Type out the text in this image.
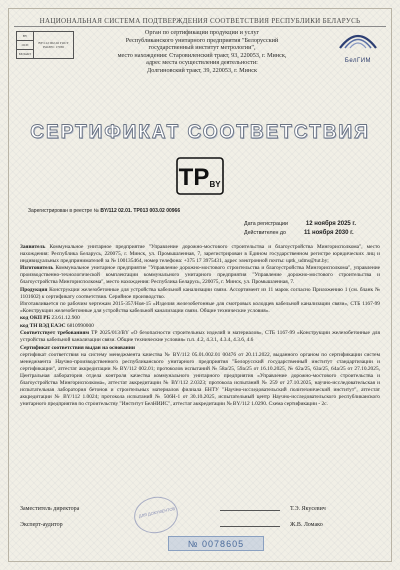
НАЦИОНАЛЬНАЯ СИСТЕМА ПОДТВЕРЖДЕНИЯ СООТВЕТСТВИЯ РЕСПУБЛИКИ БЕЛАРУСЬ
BY
ОСП
БЕЛАКТ
BY/112 002.02 ГОСТ ISO/IEC 17065
Орган по сертификации продукции и услуг
Республиканского унитарного предприятия "Белорусский
государственный институт метрологии",
место нахождения: Старовиленский тракт, 93, 220053, г. Минск,
адрес места осуществления деятельности:
Долгиновский тракт, 39, 220053, г. Минск
БелГИМ
СЕРТИФИКАТ СООТВЕТСТВИЯ
TP BY
Зарегистрирован в реестре № BY/112 02.01. ТР013 003.02 00966
Дата регистрации	12 ноября 2025 г.
Действителен до	11 ноября 2030 г.

Заявитель Коммунальное унитарное предприятие "Управление дорожно-мостового строительства и благоустройства Мингорисполкома", место нахождения: Республика Беларусь, 220075, г. Минск, ул. Промышленная, 7, зарегистрирован в Едином государственном регистре юридических лиц и индивидуальных предпринимателей за № 100135464, номер телефона: +375 17 3975431, адрес электронной почты: uptk_udms@tut.by;

Изготовитель Коммунальное унитарное предприятие "Управление дорожно-мостового строительства и благоустройства Мингорисполкома", управление производственно-технологической комплектации коммунального унитарного предприятия "Управление дорожно-мостового строительства и благоустройства Мингорисполкома", место нахождения: Республика Беларусь, 220075, г. Минск, ул. Промышленная, 7.

Продукция Конструкции железобетонные для устройства кабельной канализации связи. Ассортимент из 11 марок согласно Приложению 1 (см. бланк № 1101602) к сертификату соответствия. Серийное производство.

Изготавливается по рабочим чертежам 2015-357/Ноя-15 «Изделия железобетонные для смотровых колодцев кабельной канализации связи», СТБ 1167-99 «Конструкции железобетонные для устройства кабельной канализации связи. Общие технические условия».

код ОКП РБ 23.61.12.900

код ТН ВЭД ЕАЭС 6810990000

Соответствует требованиям ТР 2025/013/BY «О безопасности строительных изделий и материалов», СТБ 1167-99 «Конструкции железобетонные для устройства кабельной канализации связи. Общие технические условия» п.п. 4.2, 4.3.1, 4.3.4, 4.3.6, 4.6

Сертификат соответствия выдан на основании

сертификат соответствия на систему менеджмента качества № BY/112 05.01.002.01 00476 от 20.11.2022, выданного органом по сертификации систем менеджмента Научно-производственного республиканского унитарного предприятия "Белорусский государственный институт стандартизации и сертификации", аттестат аккредитации № BY/112 002.01; протоколов испытаний № 58а/25, 59а/25 от 16.10.2025, № 62а/25, 63а/25, 64а/25 от 27.10.2025, Центральная лаборатория отдела контроля качества коммунального унитарного предприятия «Управление дорожно-мостового строительства и благоустройства Мингорисполкома», аттестат аккредитации № BY/112 2.0323; протокола испытаний № 259 от 27.10.2025, научно-исследовательская и испытательная лаборатория бетонов и строительных материалов филиала БНТУ "Научно-исследовательский политехнический институт", аттестат аккредитации № BY/112 1.0024; протокола испытаний № 506Н-1 от 30.10.2025, испытательный центр Научно-исследовательского республиканского унитарного предприятия по строительству "Институт БелНИИС", аттестат аккредитации № BY/112 1.0290. Схема сертификации - 2с.

Заместитель директора	Т.Э. Якусевич
Эксперт-аудитор	Ж.В. Ломако
ДЛЯ ДОКУМЕНТОВ
№ 0078605
